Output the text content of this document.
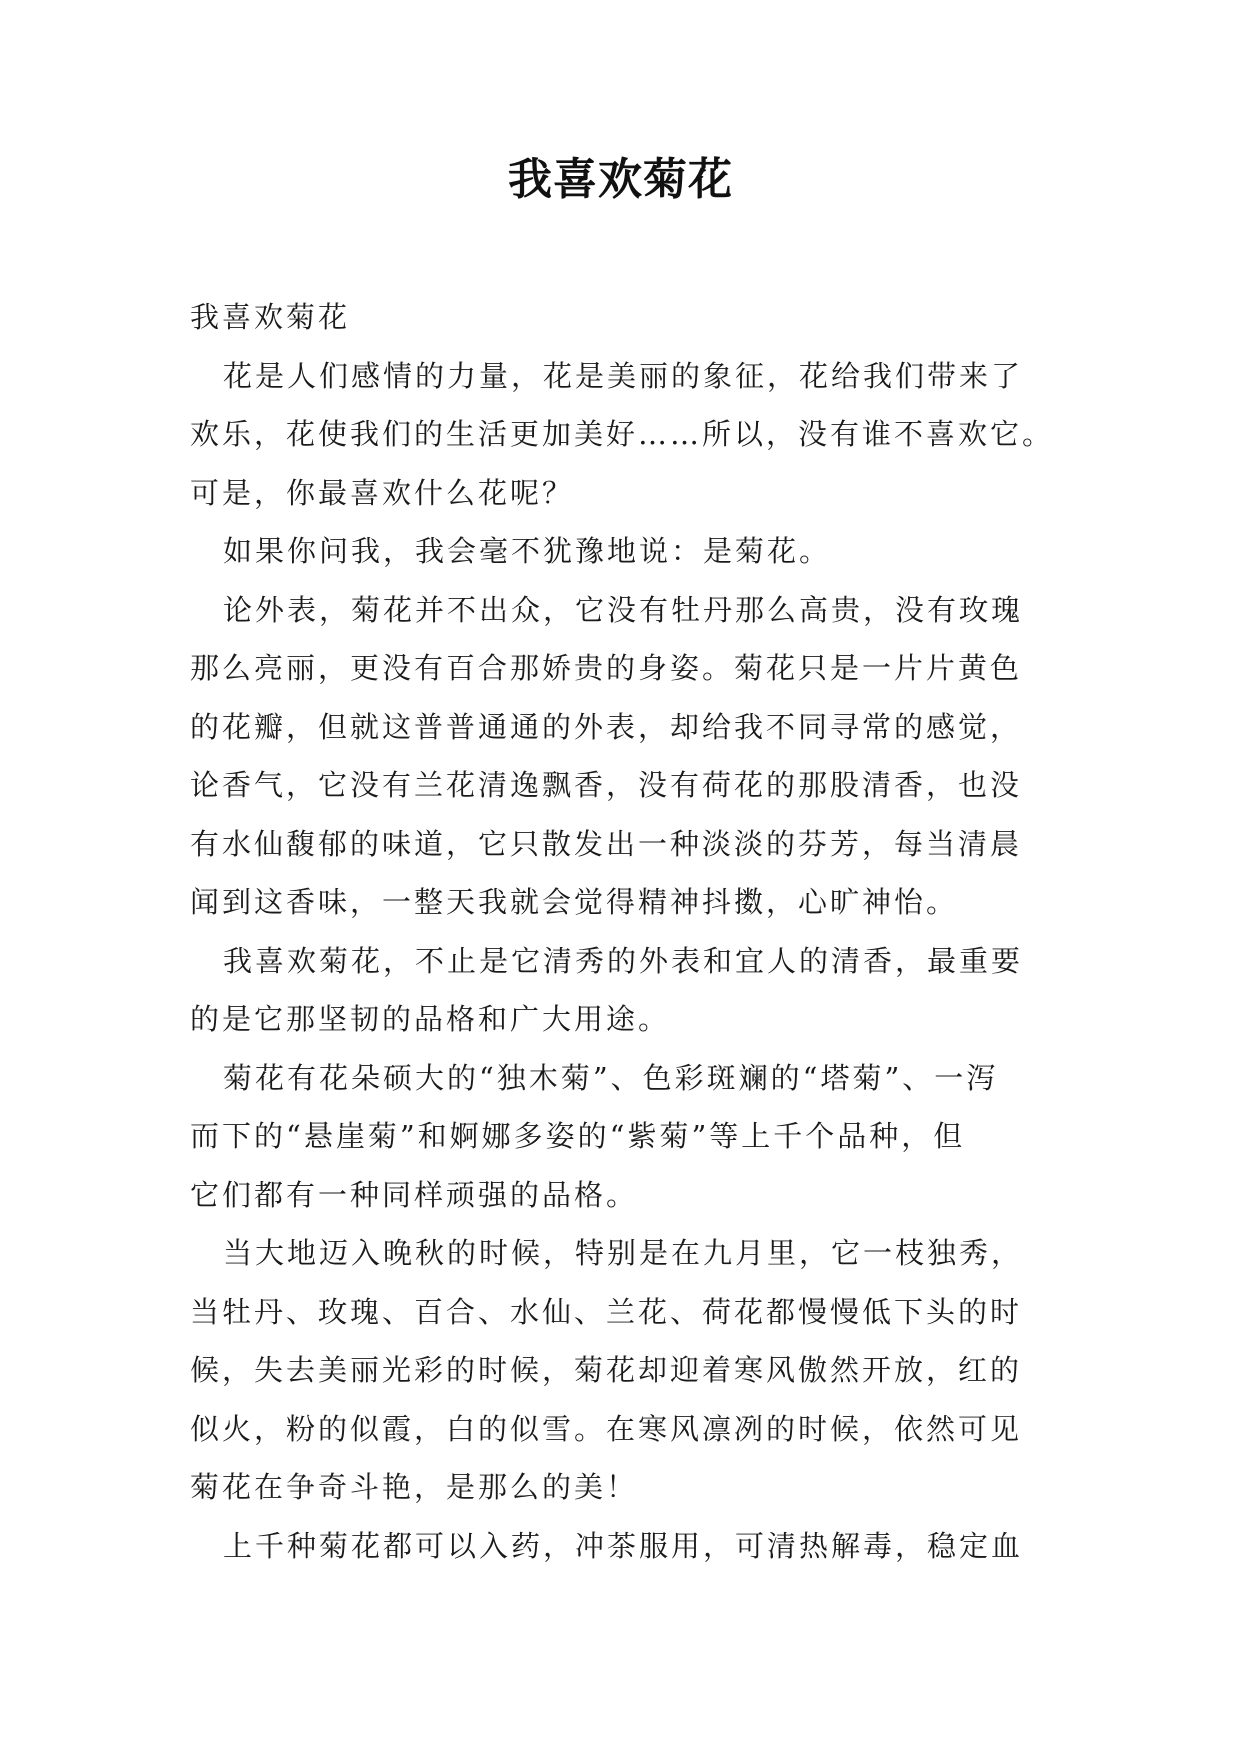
我喜欢菊花
我喜欢菊花
花是人们感情的力量，花是美丽的象征，花给我们带来了
欢乐，花使我们的生活更加美好……所以，没有谁不喜欢它。
可是，你最喜欢什么花呢？
如果你问我，我会毫不犹豫地说：是菊花。
论外表，菊花并不出众，它没有牡丹那么高贵，没有玫瑰
那么亮丽，更没有百合那娇贵的身姿。菊花只是一片片黄色
的花瓣，但就这普普通通的外表，却给我不同寻常的感觉，
论香气，它没有兰花清逸飘香，没有荷花的那股清香，也没
有水仙馥郁的味道，它只散发出一种淡淡的芬芳，每当清晨
闻到这香味，一整天我就会觉得精神抖擞，心旷神怡。
我喜欢菊花，不止是它清秀的外表和宜人的清香，最重要
的是它那坚韧的品格和广大用途。
菊花有花朵硕大的“独木菊”、色彩斑斓的“塔菊”、一泻
而下的“悬崖菊”和婀娜多姿的“紫菊”等上千个品种，但
它们都有一种同样顽强的品格。
当大地迈入晚秋的时候，特别是在九月里，它一枝独秀，
当牡丹、玫瑰、百合、水仙、兰花、荷花都慢慢低下头的时
候，失去美丽光彩的时候，菊花却迎着寒风傲然开放，红的
似火，粉的似霞，白的似雪。在寒风凛冽的时候，依然可见
菊花在争奇斗艳，是那么的美！
上千种菊花都可以入药，冲茶服用，可清热解毒，稳定血
